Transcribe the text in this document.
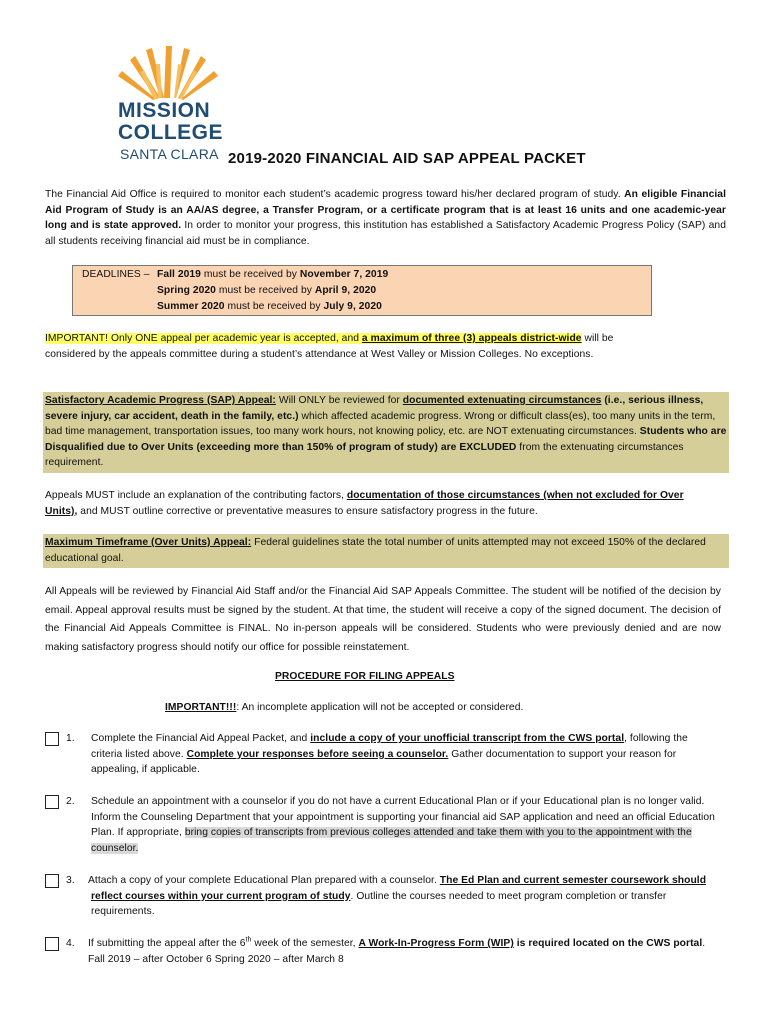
MISSION
COLLEGE
SANTA CLARA 2019-2020 FINANCIAL AID SAP APPEAL PACKET
The Financial Aid Office is required to monitor each student’s academic progress toward his/her declared program of study. An eligible Financial Aid Program of Study is an AA/AS degree, a Transfer Program, or a certificate program that is at least 16 units and one academic-year long and is state approved. In order to monitor your progress, this institution has established a Satisfactory Academic Progress Policy (SAP) and all students receiving financial aid must be in compliance.
DEADLINES – Fall 2019 must be received by November 7, 2019
Spring 2020 must be received by April 9, 2020
Summer 2020 must be received by July 9, 2020
IMPORTANT! Only ONE appeal per academic year is accepted, and a maximum of three (3) appeals district-wide will be considered by the appeals committee during a student’s attendance at West Valley or Mission Colleges. No exceptions.
Satisfactory Academic Progress (SAP) Appeal: Will ONLY be reviewed for documented extenuating circumstances (i.e., serious illness, severe injury, car accident, death in the family, etc.) which affected academic progress. Wrong or difficult class(es), too many units in the term, bad time management, transportation issues, too many work hours, not knowing policy, etc. are NOT extenuating circumstances. Students who are Disqualified due to Over Units (exceeding more than 150% of program of study) are EXCLUDED from the extenuating circumstances requirement.
Appeals MUST include an explanation of the contributing factors, documentation of those circumstances (when not excluded for Over Units), and MUST outline corrective or preventative measures to ensure satisfactory progress in the future.
Maximum Timeframe (Over Units) Appeal: Federal guidelines state the total number of units attempted may not exceed 150% of the declared educational goal.
All Appeals will be reviewed by Financial Aid Staff and/or the Financial Aid SAP Appeals Committee. The student will be notified of the decision by email. Appeal approval results must be signed by the student. At that time, the student will receive a copy of the signed document. The decision of the Financial Aid Appeals Committee is FINAL. No in-person appeals will be considered. Students who were previously denied and are now making satisfactory progress should notify our office for possible reinstatement.
PROCEDURE FOR FILING APPEALS
IMPORTANT!!!: An incomplete application will not be accepted or considered.
1. Complete the Financial Aid Appeal Packet, and include a copy of your unofficial transcript from the CWS portal, following the criteria listed above. Complete your responses before seeing a counselor. Gather documentation to support your reason for appealing, if applicable.
2. Schedule an appointment with a counselor if you do not have a current Educational Plan or if your Educational plan is no longer valid. Inform the Counseling Department that your appointment is supporting your financial aid SAP application and need an official Education Plan. If appropriate, bring copies of transcripts from previous colleges attended and take them with you to the appointment with the counselor.
3. Attach a copy of your complete Educational Plan prepared with a counselor. The Ed Plan and current semester coursework should reflect courses within your current program of study. Outline the courses needed to meet program completion or transfer requirements.
4. If submitting the appeal after the 6th week of the semester, A Work-In-Progress Form (WIP) is required located on the CWS portal. Fall 2019 – after October 6 Spring 2020 – after March 8
